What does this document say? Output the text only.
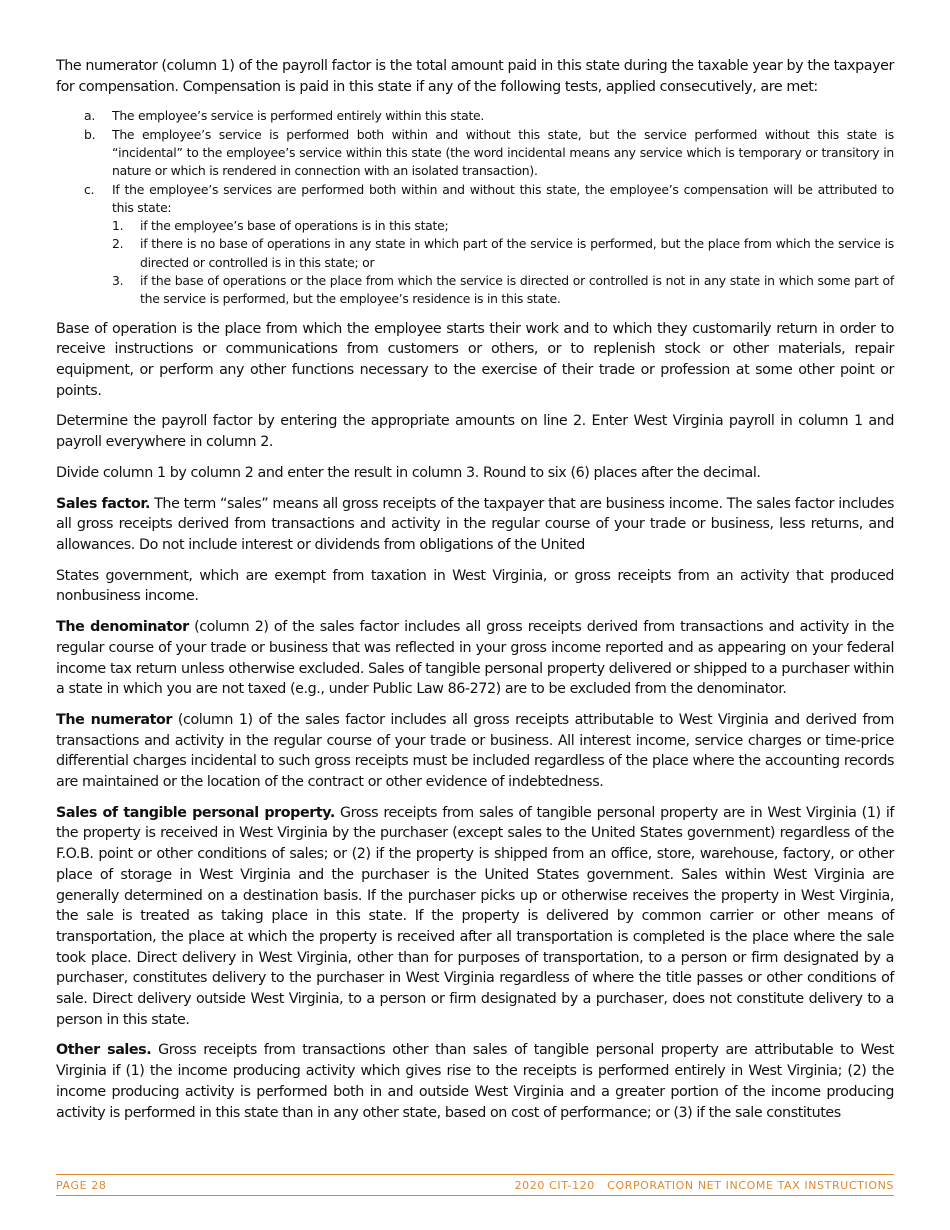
The numerator (column 1) of the payroll factor is the total amount paid in this state during the taxable year by the taxpayer for compensation. Compensation is paid in this state if any of the following tests, applied consecutively, are met:

a.	The employee’s service is performed entirely within this state.
b.	The employee’s service is performed both within and without this state, but the service performed without this state is “incidental” to the employee’s service within this state (the word incidental means any service which is temporary or transitory in nature or which is rendered in connection with an isolated transaction).
c.	If the employee’s services are performed both within and without this state, the employee’s compensation will be attributed to this state:
1.	if the employee’s base of operations is in this state;
2.	if there is no base of operations in any state in which part of the service is performed, but the place from which the service is directed or controlled is in this state; or
3.	if the base of operations or the place from which the service is directed or controlled is not in any state in which some part of the service is performed, but the employee’s residence is in this state.

Base of operation is the place from which the employee starts their work and to which they customarily return in order to receive instructions or communications from customers or others, or to replenish stock or other materials, repair equipment, or perform any other functions necessary to the exercise of their trade or profession at some other point or points.

Determine the payroll factor by entering the appropriate amounts on line 2. Enter West Virginia payroll in column 1 and payroll everywhere in column 2.

Divide column 1 by column 2 and enter the result in column 3. Round to six (6) places after the decimal.

Sales factor. The term “sales” means all gross receipts of the taxpayer that are business income. The sales factor includes all gross receipts derived from transactions and activity in the regular course of your trade or business, less returns, and allowances. Do not include interest or dividends from obligations of the United

States government, which are exempt from taxation in West Virginia, or gross receipts from an activity that produced nonbusiness income.

The denominator (column 2) of the sales factor includes all gross receipts derived from transactions and activity in the regular course of your trade or business that was reflected in your gross income reported and as appearing on your federal income tax return unless otherwise excluded. Sales of tangible personal property delivered or shipped to a purchaser within a state in which you are not taxed (e.g., under Public Law 86-272) are to be excluded from the denominator.

The numerator (column 1) of the sales factor includes all gross receipts attributable to West Virginia and derived from transactions and activity in the regular course of your trade or business. All interest income, service charges or time-price differential charges incidental to such gross receipts must be included regardless of the place where the accounting records are maintained or the location of the contract or other evidence of indebtedness.

Sales of tangible personal property. Gross receipts from sales of tangible personal property are in West Virginia (1) if the property is received in West Virginia by the purchaser (except sales to the United States government) regardless of the F.O.B. point or other conditions of sales; or (2) if the property is shipped from an office, store, warehouse, factory, or other place of storage in West Virginia and the purchaser is the United States government. Sales within West Virginia are generally determined on a destination basis. If the purchaser picks up or otherwise receives the property in West Virginia, the sale is treated as taking place in this state. If the property is delivered by common carrier or other means of transportation, the place at which the property is received after all transportation is completed is the place where the sale took place. Direct delivery in West Virginia, other than for purposes of transportation, to a person or firm designated by a purchaser, constitutes delivery to the purchaser in West Virginia regardless of where the title passes or other conditions of sale. Direct delivery outside West Virginia, to a person or firm designated by a purchaser, does not constitute delivery to a person in this state.

Other sales. Gross receipts from transactions other than sales of tangible personal property are attributable to West Virginia if (1) the income producing activity which gives rise to the receipts is performed entirely in West Virginia; (2) the income producing activity is performed both in and outside West Virginia and a greater portion of the income producing activity is performed in this state than in any other state, based on cost of performance; or (3) if the sale constitutes

PAGE 28	2020 CIT-120   CORPORATION NET INCOME TAX INSTRUCTIONS
